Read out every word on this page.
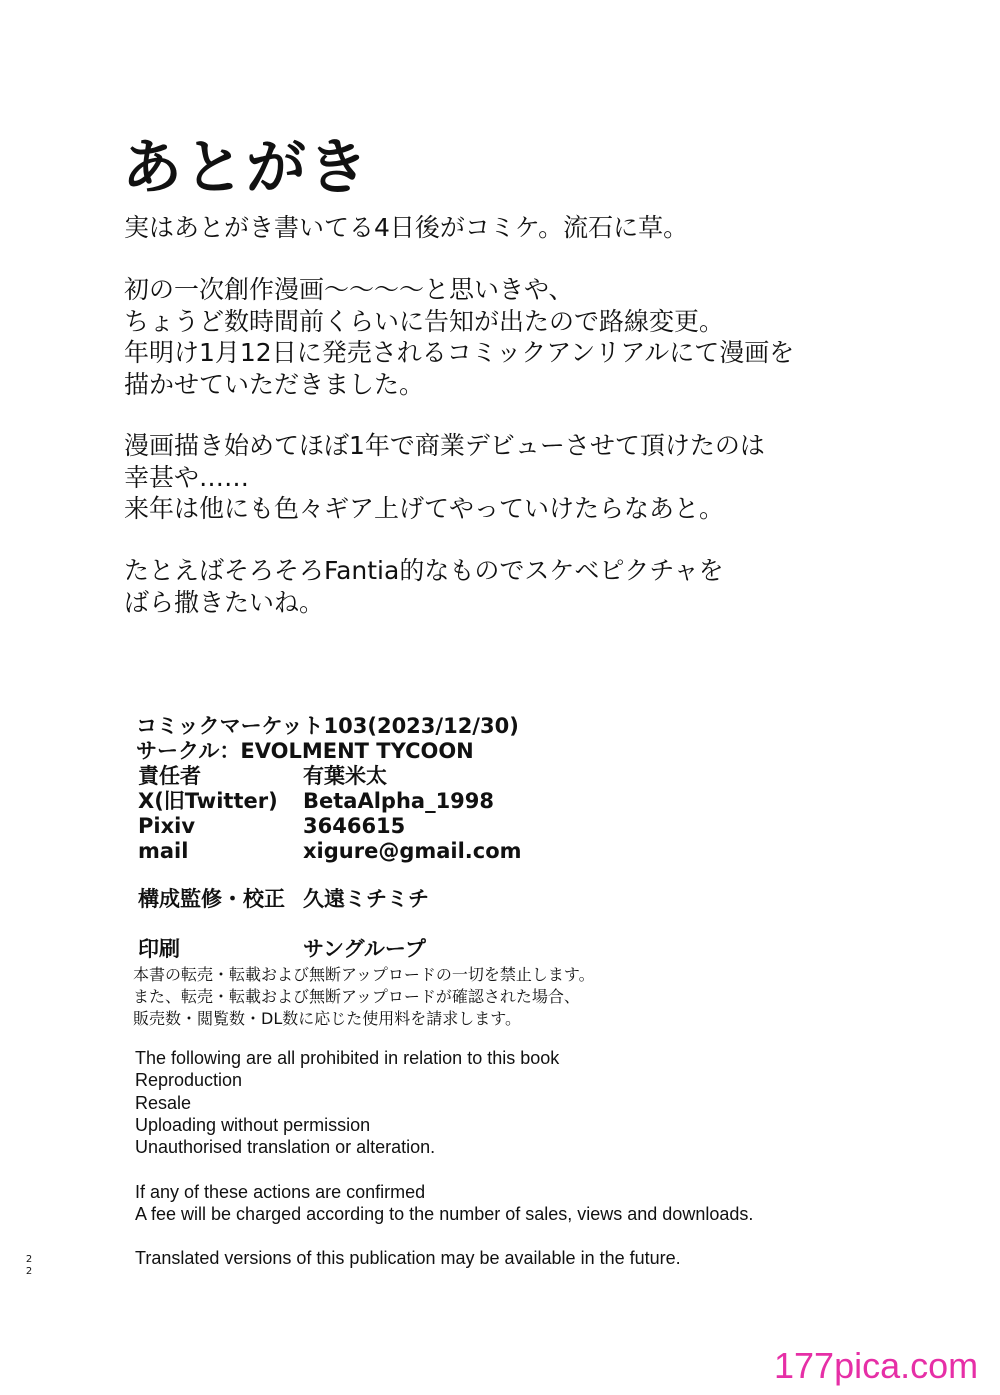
あとがき
実はあとがき書いてる4日後がコミケ。流石に草。
初の一次創作漫画〜〜〜〜と思いきや、
ちょうど数時間前くらいに告知が出たので路線変更。
年明け1月12日に発売されるコミックアンリアルにて漫画を
描かせていただきました。
漫画描き始めてほぼ1年で商業デビューさせて頂けたのは
幸甚や……
来年は他にも色々ギア上げてやっていけたらなあと。
たとえばそろそろFantia的なものでスケベピクチャを
ばら撒きたいね。
コミックマーケット103(2023/12/30)
サークル：EVOLMENT TYCOON
責任者	有葉米太
X(旧Twitter) BetaAlpha_1998
Pixiv	3646615
mail	xigure@gmail.com
構成監修・校正 久遠ミチミチ
印刷	サングループ
本書の転売・転載および無断アップロードの一切を禁止します。
また、転売・転載および無断アップロードが確認された場合、
販売数・閲覧数・DL数に応じた使用料を請求します。
The following are all prohibited in relation to this book
Reproduction
Resale
Uploading without permission
Unauthorised translation or alteration.
If any of these actions are confirmed
A fee will be charged according to the number of sales, views and downloads.
Translated versions of this publication may be available in the future.
2
2
177pica.com
